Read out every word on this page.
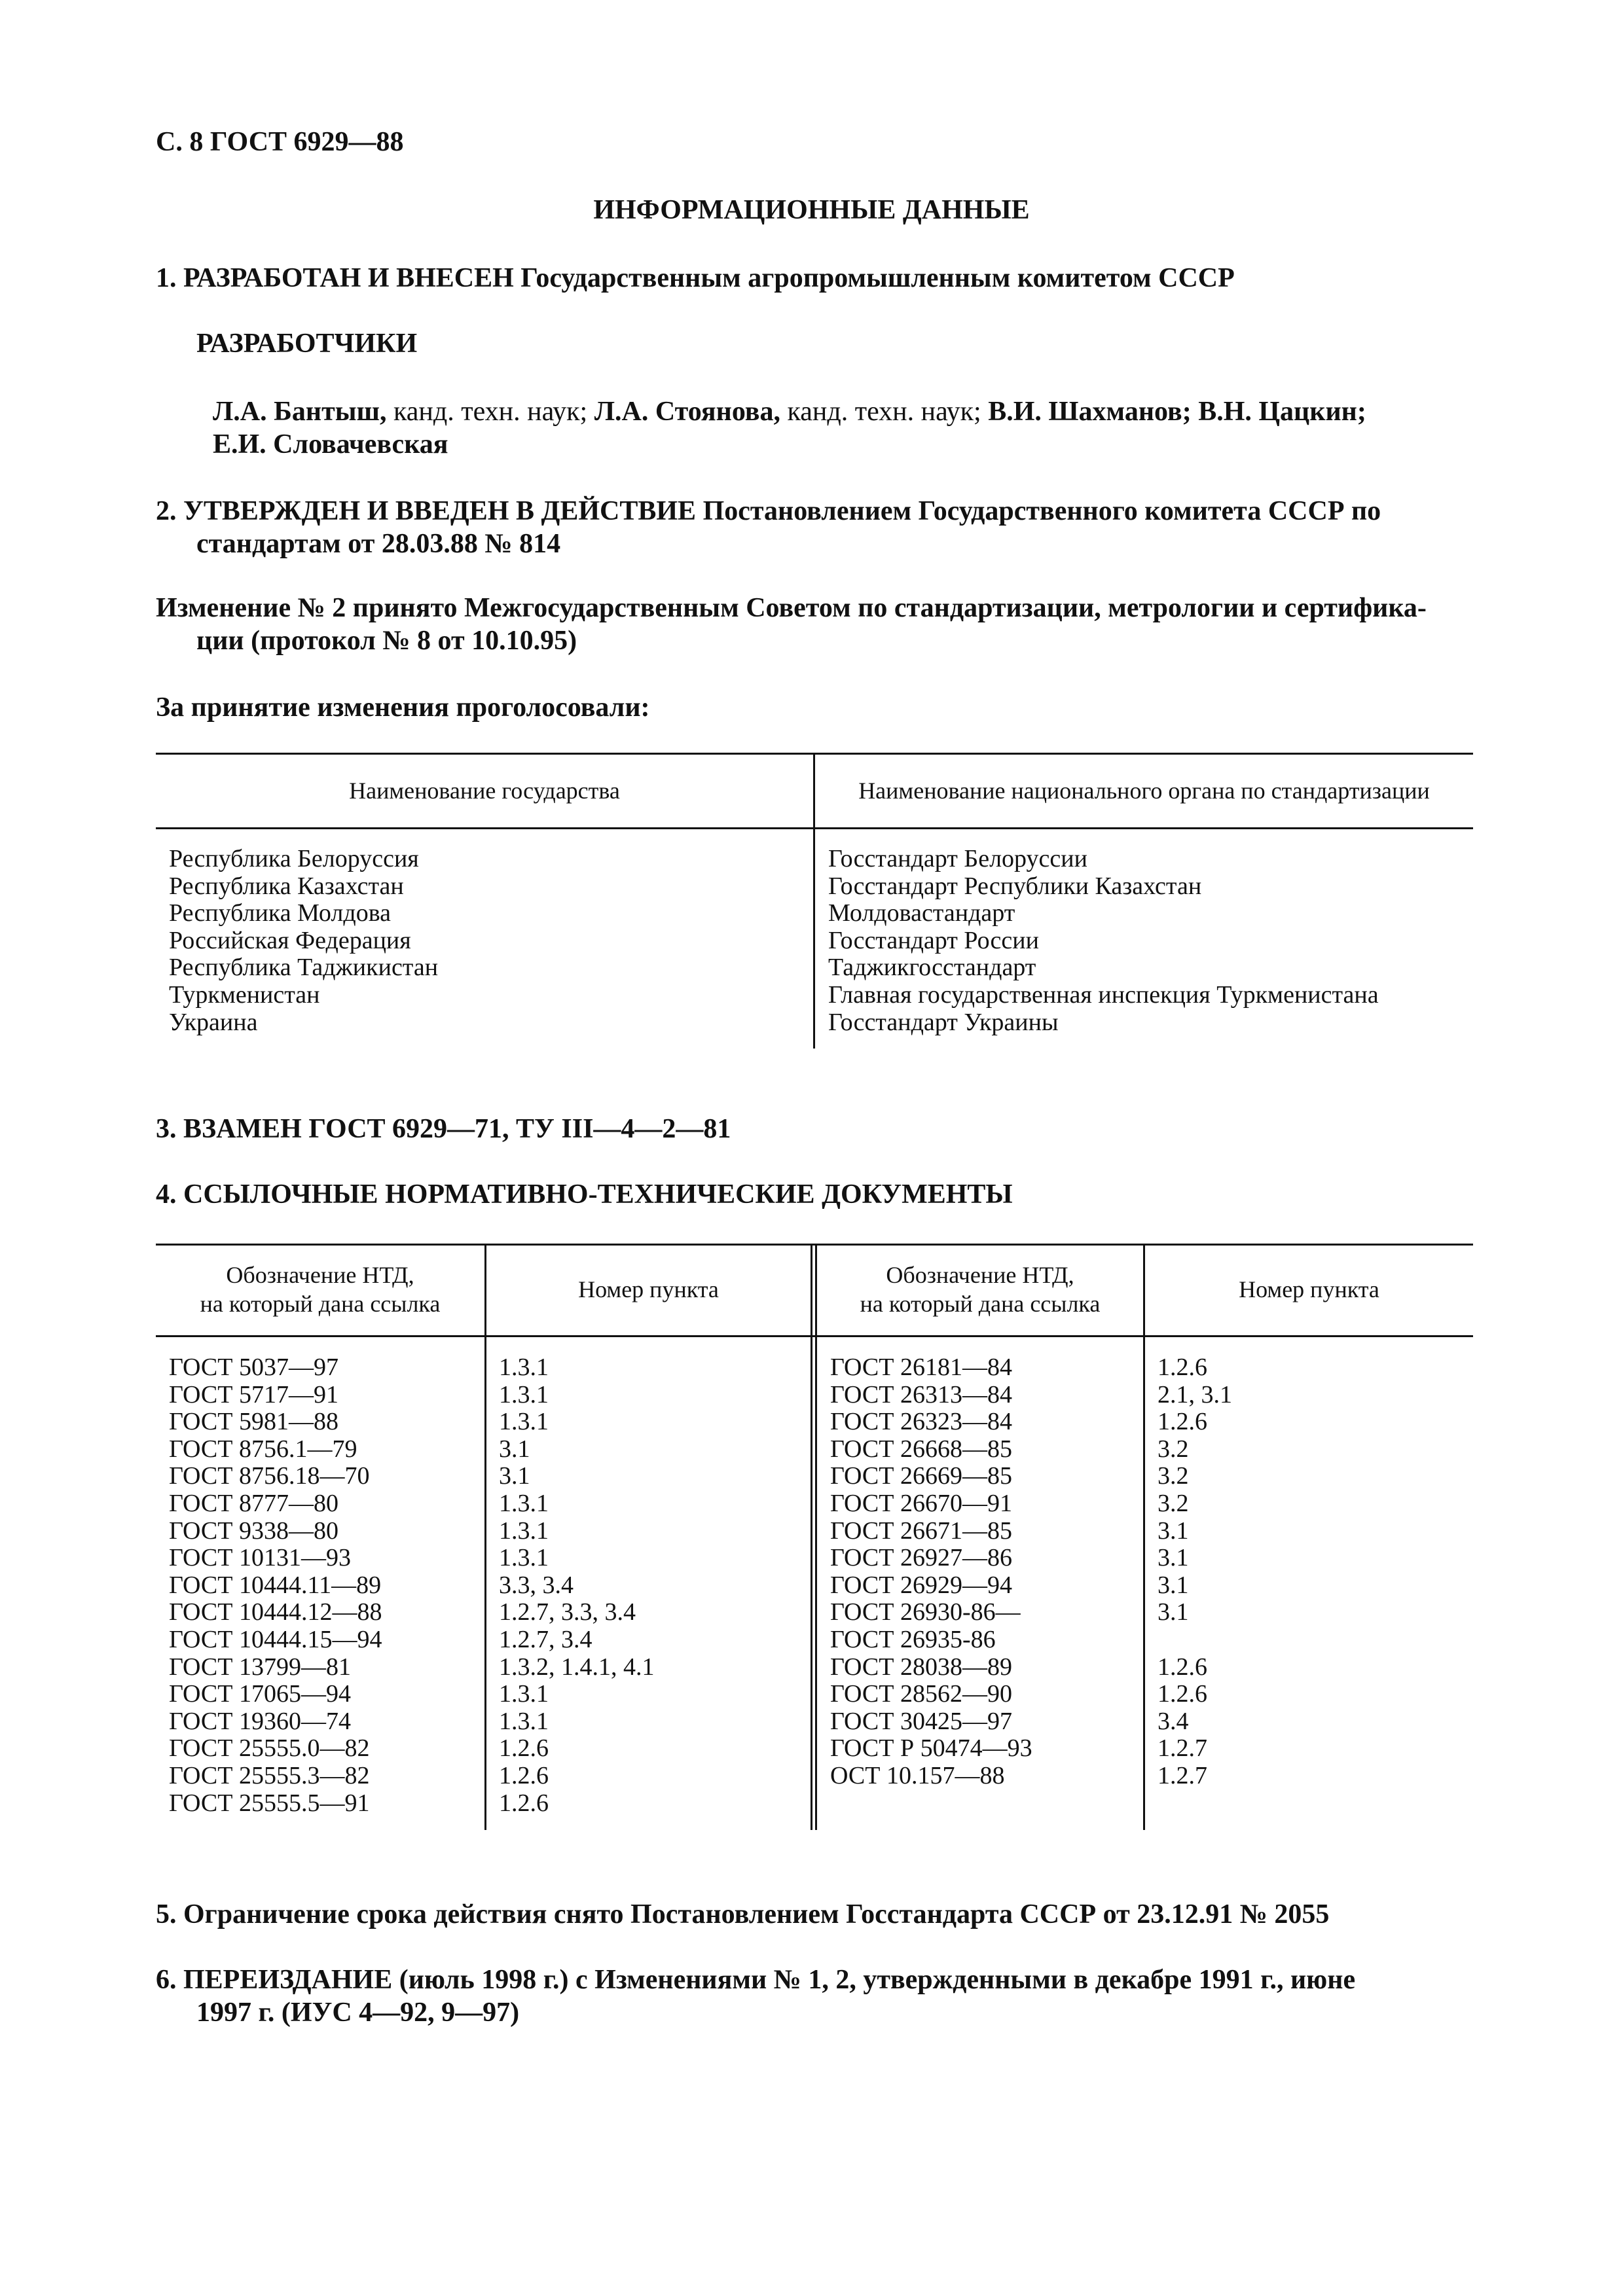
С. 8 ГОСТ 6929—88
ИНФОРМАЦИОННЫЕ ДАННЫЕ
1. РАЗРАБОТАН И ВНЕСЕН Государственным агропромышленным комитетом СССР
РАЗРАБОТЧИКИ
Л.А. Бантыш, канд. техн. наук; Л.А. Стоянова, канд. техн. наук; В.И. Шахманов; В.Н. Цацкин;
Е.И. Словачевская
2. УТВЕРЖДЕН И ВВЕДЕН В ДЕЙСТВИЕ Постановлением Государственного комитета СССР по
стандартам от 28.03.88 № 814
Изменение № 2 принято Межгосударственным Советом по стандартизации, метрологии и сертифика-
ции (протокол № 8 от 10.10.95)
За принятие изменения проголосовали:
Наименование государства	Наименование национального органа по стандартизации
Республика Белоруссия
Республика Казахстан
Республика Молдова
Российская Федерация
Республика Таджикистан
Туркменистан
Украина
Госстандарт Белоруссии
Госстандарт Республики Казахстан
Молдовастандарт
Госстандарт России
Таджикгосстандарт
Главная государственная инспекция Туркменистана
Госстандарт Украины
3. ВЗАМЕН ГОСТ 6929—71, ТУ III—4—2—81
4. ССЫЛОЧНЫЕ НОРМАТИВНО-ТЕХНИЧЕСКИЕ ДОКУМЕНТЫ
Обозначение НТД,
на который дана ссылка
Номер пункта
Обозначение НТД,
на который дана ссылка
Номер пункта
ГОСТ 5037—97
ГОСТ 5717—91
ГОСТ 5981—88
ГОСТ 8756.1—79
ГОСТ 8756.18—70
ГОСТ 8777—80
ГОСТ 9338—80
ГОСТ 10131—93
ГОСТ 10444.11—89
ГОСТ 10444.12—88
ГОСТ 10444.15—94
ГОСТ 13799—81
ГОСТ 17065—94
ГОСТ 19360—74
ГОСТ 25555.0—82
ГОСТ 25555.3—82
ГОСТ 25555.5—91
1.3.1
1.3.1
1.3.1
3.1
3.1
1.3.1
1.3.1
1.3.1
3.3, 3.4
1.2.7, 3.3, 3.4
1.2.7, 3.4
1.3.2, 1.4.1, 4.1
1.3.1
1.3.1
1.2.6
1.2.6
1.2.6
ГОСТ 26181—84
ГОСТ 26313—84
ГОСТ 26323—84
ГОСТ 26668—85
ГОСТ 26669—85
ГОСТ 26670—91
ГОСТ 26671—85
ГОСТ 26927—86
ГОСТ 26929—94
ГОСТ 26930-86—
ГОСТ 26935-86
ГОСТ 28038—89
ГОСТ 28562—90
ГОСТ 30425—97
ГОСТ Р 50474—93
ОСТ 10.157—88
1.2.6
2.1, 3.1
1.2.6
3.2
3.2
3.2
3.1
3.1
3.1
3.1
1.2.6
1.2.6
3.4
1.2.7
1.2.7
5. Ограничение срока действия снято Постановлением Госстандарта СССР от 23.12.91 № 2055
6. ПЕРЕИЗДАНИЕ (июль 1998 г.) с Изменениями № 1, 2, утвержденными в декабре 1991 г., июне
1997 г. (ИУС 4—92, 9—97)
